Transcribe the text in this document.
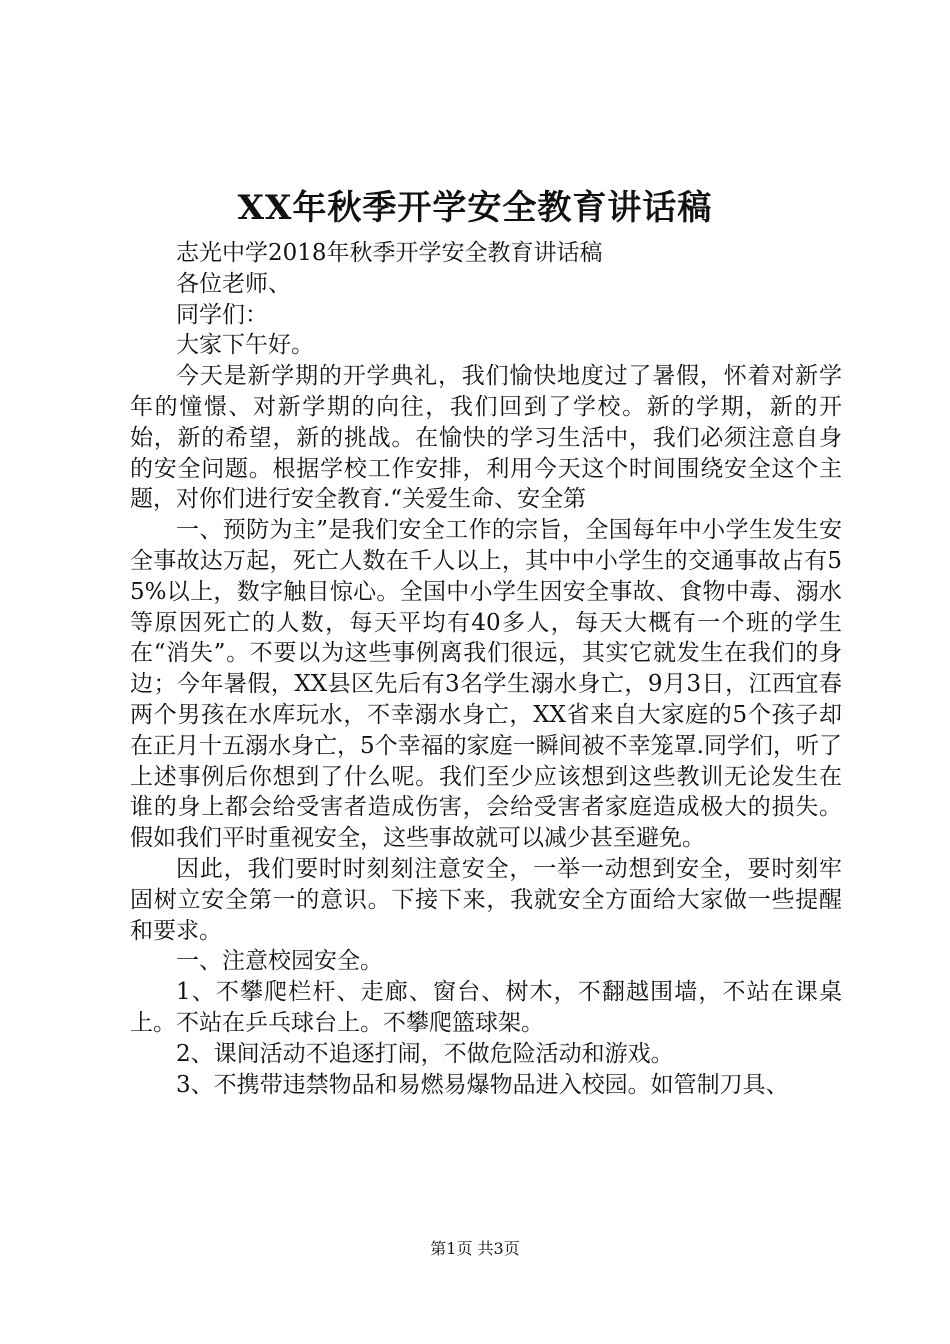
XX年秋季开学安全教育讲话稿

志光中学2018年秋季开学安全教育讲话稿

各位老师、

同学们：

大家下午好。

今天是新学期的开学典礼，我们愉快地度过了暑假，怀着对新学年的憧憬、对新学期的向往，我们回到了学校。新的学期，新的开始，新的希望，新的挑战。在愉快的学习生活中，我们必须注意自身的安全问题。根据学校工作安排，利用今天这个时间围绕安全这个主题，对你们进行安全教育.“关爱生命、安全第

一、预防为主”是我们安全工作的宗旨，全国每年中小学生发生安全事故达万起，死亡人数在千人以上，其中中小学生的交通事故占有55%以上，数字触目惊心。全国中小学生因安全事故、食物中毒、溺水等原因死亡的人数，每天平均有40多人，每天大概有一个班的学生在“消失”。不要以为这些事例离我们很远，其实它就发生在我们的身边；今年暑假，XX县区先后有3名学生溺水身亡，9月3日，江西宜春两个男孩在水库玩水，不幸溺水身亡，XX省来自大家庭的5个孩子却在正月十五溺水身亡，5个幸福的家庭一瞬间被不幸笼罩.同学们，听了上述事例后你想到了什么呢。我们至少应该想到这些教训无论发生在谁的身上都会给受害者造成伤害，会给受害者家庭造成极大的损失。假如我们平时重视安全，这些事故就可以减少甚至避免。

因此，我们要时时刻刻注意安全，一举一动想到安全，要时刻牢固树立安全第一的意识。下接下来，我就安全方面给大家做一些提醒和要求。

一、注意校园安全。

1、不攀爬栏杆、走廊、窗台、树木，不翻越围墙，不站在课桌上。不站在乒乓球台上。不攀爬篮球架。

2、课间活动不追逐打闹，不做危险活动和游戏。

3、不携带违禁物品和易燃易爆物品进入校园。如管制刀具、

第1页 共3页
